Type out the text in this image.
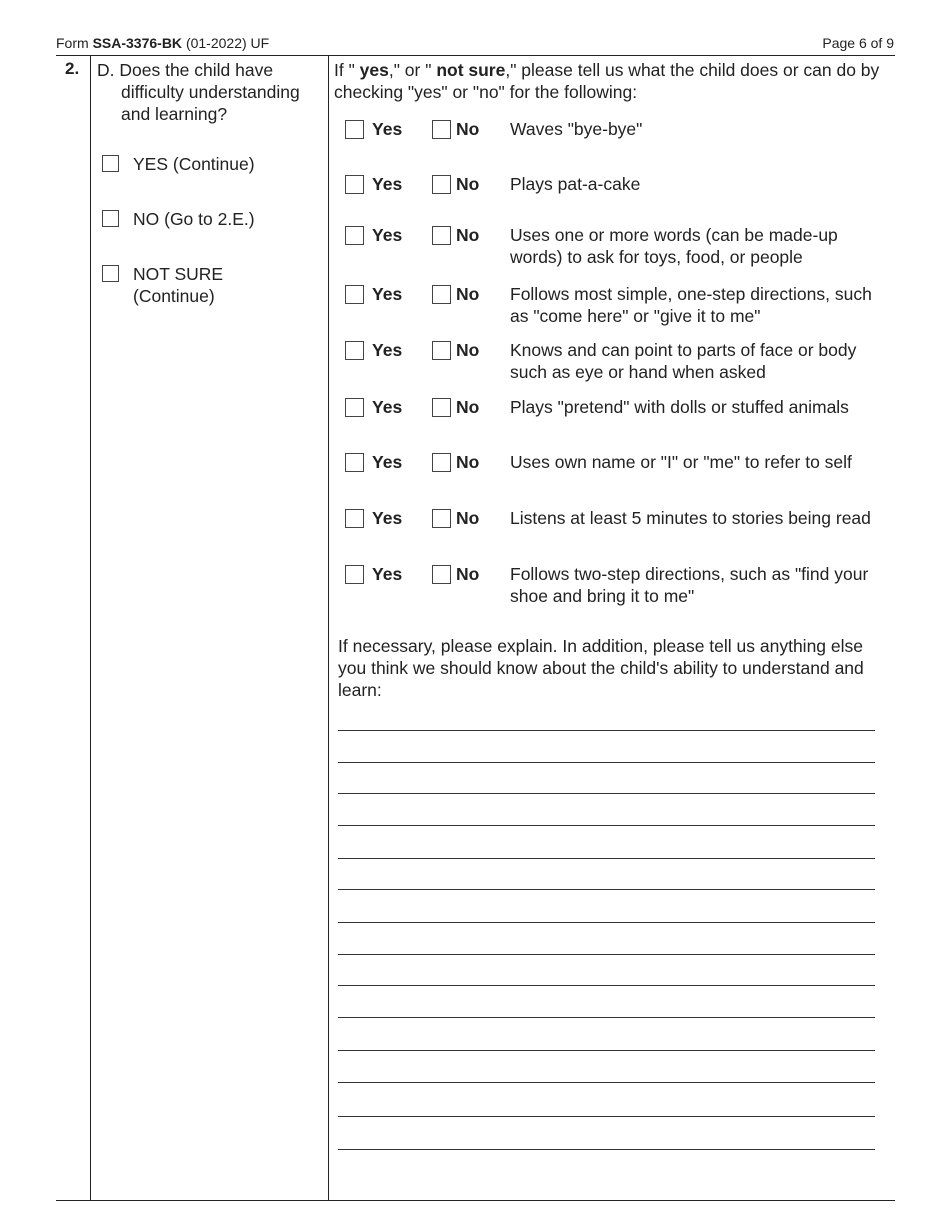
Form SSA-3376-BK (01-2022) UF	Page 6 of 9
2. D. Does the child have
difficulty understanding and learning?
YES (Continue)
NO (Go to 2.E.)
NOT SURE
(Continue)
If " yes," or " not sure," please tell us what the child does or can do by checking "yes" or "no" for the following:
Yes	No Waves "bye-bye"
Yes	No Plays pat-a-cake
Yes	No Uses one or more words (can be made-up words) to ask for toys, food, or people
Yes	No Follows most simple, one-step directions, such as "come here" or "give it to me"
Yes	No Knows and can point to parts of face or body such as eye or hand when asked
Yes	No Plays "pretend" with dolls or stuffed animals
Yes	No Uses own name or "I" or "me" to refer to self
Yes	No Listens at least 5 minutes to stories being read
Yes	No Follows two-step directions, such as "find your shoe and bring it to me"
If necessary, please explain. In addition, please tell us anything else you think we should know about the child's ability to understand and learn:
